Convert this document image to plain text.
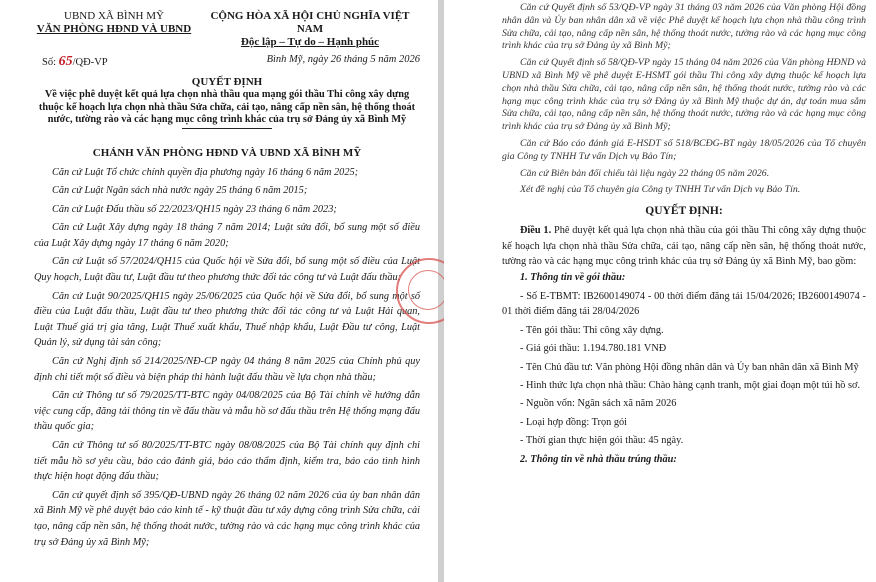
UBND XÃ BÌNH MỸ
VĂN PHÒNG HĐND VÀ UBND
CỘNG HÒA XÃ HỘI CHỦ NGHĨA VIỆT NAM
Độc lập – Tự do – Hạnh phúc
Số: 65/QĐ-VP	Bình Mỹ, ngày 26 tháng 5 năm 2026
QUYẾT ĐỊNH
Về việc phê duyệt kết quả lựa chọn nhà thầu qua mạng gói thầu Thi công xây dựng thuộc kế hoạch lựa chọn nhà thầu Sửa chữa, cải tạo, nâng cấp nền sân, hệ thống thoát nước, tường rào và các hạng mục công trình khác của trụ sở Đảng ủy xã Bình Mỹ
CHÁNH VĂN PHÒNG HĐND VÀ UBND XÃ BÌNH MỸ

Căn cứ Luật Tổ chức chính quyền địa phương ngày 16 tháng 6 năm 2025;

Căn cứ Luật Ngân sách nhà nước ngày 25 tháng 6 năm 2015;

Căn cứ Luật Đấu thầu số 22/2023/QH15 ngày 23 tháng 6 năm 2023;

Căn cứ Luật Xây dựng ngày 18 tháng 7 năm 2014; Luật sửa đổi, bổ sung một số điều của Luật Xây dựng ngày 17 tháng 6 năm 2020;

Căn cứ Luật số 57/2024/QH15 của Quốc hội về Sửa đổi, bổ sung một số điều của Luật Quy hoạch, Luật đầu tư, Luật đầu tư theo phương thức đối tác công tư và Luật đấu thầu;

Căn cứ Luật 90/2025/QH15 ngày 25/06/2025 của Quốc hội về Sửa đổi, bổ sung một số điều của Luật đấu thầu, Luật đầu tư theo phương thức đối tác công tư và Luật Hải quan, Luật Thuế giá trị gia tăng, Luật Thuế xuất khẩu, Thuế nhập khẩu, Luật Đầu tư công, Luật Quản lý, sử dụng tài sản công;

Căn cứ Nghị định số 214/2025/NĐ-CP ngày 04 tháng 8 năm 2025 của Chính phủ quy định chi tiết một số điều và biện pháp thi hành luật đấu thầu về lựa chọn nhà thầu;

Căn cứ Thông tư số 79/2025/TT-BTC ngày 04/08/2025 của Bộ Tài chính về hướng dẫn việc cung cấp, đăng tải thông tin về đấu thầu và mẫu hồ sơ đấu thầu trên Hệ thống mạng đấu thầu quốc gia;

Căn cứ Thông tư số 80/2025/TT-BTC ngày 08/08/2025 của Bộ Tài chính quy định chi tiết mẫu hồ sơ yêu cầu, báo cáo đánh giá, báo cáo thẩm định, kiểm tra, báo cáo tình hình thực hiện hoạt động đấu thầu;

Căn cứ quyết định số 395/QĐ-UBND ngày 26 tháng 02 năm 2026 của ủy ban nhân dân xã Bình Mỹ về phê duyệt báo cáo kinh tế - kỹ thuật đầu tư xây dựng công trình Sửa chữa, cải tạo, nâng cấp nền sân, hệ thống thoát nước, tường rào và các hạng mục công trình khác của trụ sở Đảng ủy xã Bình Mỹ;

Căn cứ Quyết định số 53/QĐ-VP ngày 31 tháng 03 năm 2026 của Văn phòng Hội đồng nhân dân và Ủy ban nhân dân xã về việc Phê duyệt kế hoạch lựa chọn nhà thầu công trình Sửa chữa, cải tạo, nâng cấp nền sân, hệ thống thoát nước, tường rào và các hạng mục công trình khác của trụ sở Đảng ủy xã Bình Mỹ;

Căn cứ Quyết định số 58/QĐ-VP ngày 15 tháng 04 năm 2026 của Văn phòng HĐND và UBND xã Bình Mỹ về phê duyệt E-HSMT gói thầu Thi công xây dựng thuộc kế hoạch lựa chọn nhà thầu Sửa chữa, cải tạo, nâng cấp nền sân, hệ thống thoát nước, tường rào và các hạng mục công trình khác của trụ sở Đảng ủy xã Bình Mỹ thuộc dự án, dự toán mua sắm Sửa chữa, cải tạo, nâng cấp nền sân, hệ thống thoát nước, tường rào và các hạng mục công trình khác của trụ sở Đảng ủy xã Bình Mỹ;

Căn cứ Báo cáo đánh giá E-HSDT số 518/BCĐG-BT ngày 18/05/2026 của Tổ chuyên gia Công ty TNHH Tư vấn Dịch vụ Bảo Tín;

Căn cứ Biên bản đối chiếu tài liệu ngày 22 tháng 05 năm 2026.

Xét đề nghị của Tổ chuyên gia Công ty TNHH Tư vấn Dịch vụ Bảo Tín.

QUYẾT ĐỊNH:
Điều 1. Phê duyệt kết quả lựa chọn nhà thầu của gói thầu Thi công xây dựng thuộc kế hoạch lựa chọn nhà thầu Sửa chữa, cải tạo, nâng cấp nền sân, hệ thống thoát nước, tường rào và các hạng mục công trình khác của trụ sở Đảng ủy xã Bình Mỹ, bao gồm:
1. Thông tin về gói thầu:

- Số E-TBMT: IB2600149074 - 00 thời điểm đăng tải 15/04/2026; IB2600149074 - 01 thời điểm đăng tải 28/04/2026

- Tên gói thầu: Thi công xây dựng.

- Giá gói thầu: 1.194.780.181 VNĐ

- Tên Chủ đầu tư: Văn phòng Hội đồng nhân dân và Ủy ban nhân dân xã Bình Mỹ

- Hình thức lựa chọn nhà thầu: Chào hàng cạnh tranh, một giai đoạn một túi hồ sơ.

- Nguồn vốn: Ngân sách xã năm 2026

- Loại hợp đồng: Trọn gói

- Thời gian thực hiện gói thầu: 45 ngày.

2. Thông tin về nhà thầu trúng thầu:
